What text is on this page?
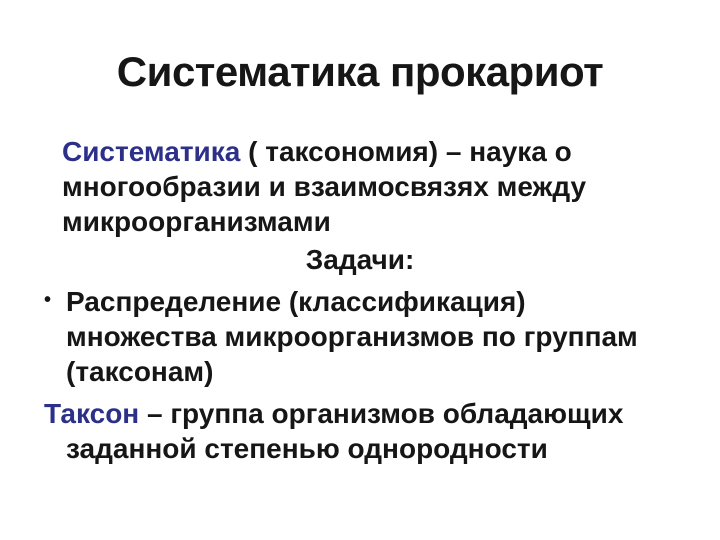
Систематика прокариот
Систематика ( таксономия) – наука о
многообразии и взаимосвязях между
микроорганизмами
Задачи:
• Распределение (классификация)
множества микроорганизмов по группам
(таксонам)
Таксон – группа организмов обладающих
заданной степенью однородности
